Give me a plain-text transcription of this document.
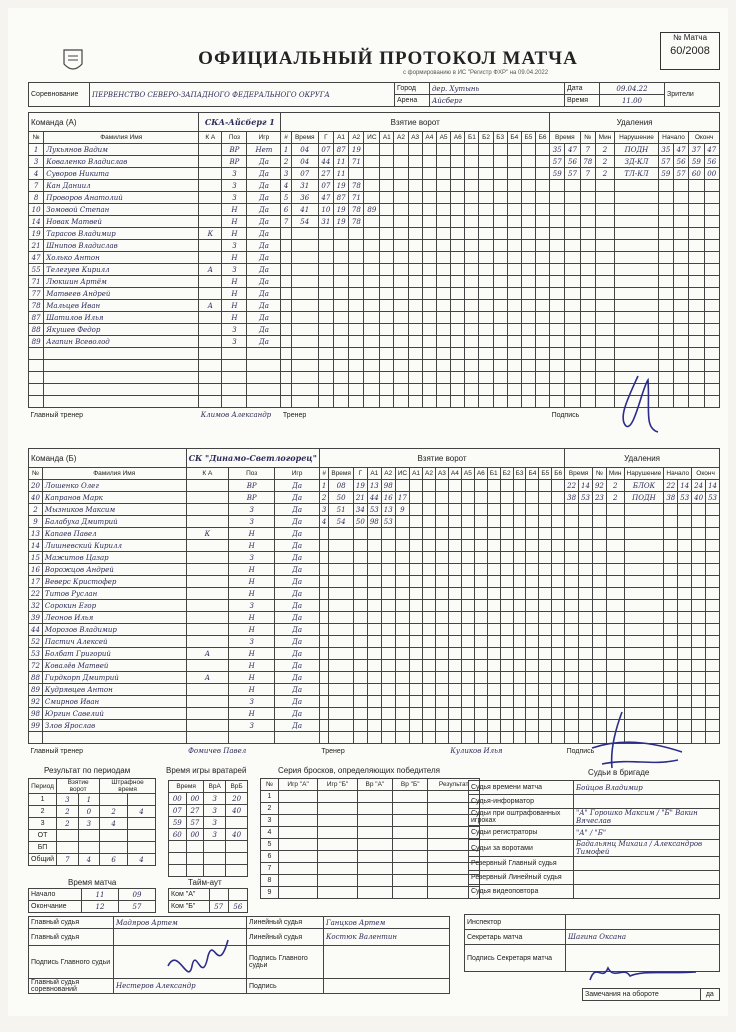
ОФИЦИАЛЬНЫЙ ПРОТОКОЛ МАТЧА
с формированию в ИС "Регистр ФХР" на 09.04.2022
№ Матча
60/2008
Соревнование	ПЕРВЕНСТВО СЕВЕРО-ЗАПАДНОГО ФЕДЕРАЛЬНОГО ОКРУГА	Город	дер. Хутынь	Дата	09.04.22	Зрители
		Арена	Айсберг	Время	11.00	
Команда (А)		СКА-Айсберг 1			Взятие ворот																		Удаления								
№	Фамилия Имя	К А	Поз	Игр	#	Время	Г	А1	А2	ИС	А1	А2	А3	А4	А5	А6	Б1	Б2	Б3	Б4	Б5	Б6	Время		№	Мин	Нарушение	Начало		Оконч	
1	Лукьянов Вадим		ВР	Нет	1	04	07	87	19														35	47	7	2	ПОДН	35	47	37	47
3	Коваленко Владислав		ВР	Да	2	04	44	11	71														57	56	78	2	ЗД-КЛ	57	56	59	56
4	Суворов Никита		З	Да	3	07	27	11															59	57	7	2	ТЛ-КЛ	59	57	60	00
7	Кан Даниил		З	Да	4	31	07	19	78																						
8	Проворов Анатолий		З	Да	5	36	47	87	71																						
10	Зомовой Степан		Н	Да	6	41	10	19	78	89																					
14	Новак Матвей		Н	Да	7	54	31	19	78																						
19	Тарасов Владимир	К	Н	Да																											
21	Шнипов Владислав		З	Да																											
47	Холько Антон		Н	Да																											
55	Телегуев Кирилл	А	З	Да																											
71	Люкшин Артём		Н	Да																											
77	Матвеев Андрей		Н	Да																											
78	Мальцев Иван	А	Н	Да																											
87	Шатилов Илья		Н	Да																											
88	Якушев Федор		З	Да																											
89	Агапин Всеволод		З	Да																											

Главный тренер		Климов Александр			Тренер																		Подпись								
Команда (Б)		СК "Динамо-Светлогорец"			Взятие ворот																		Удаления								
№	Фамилия Имя	К А	Поз	Игр	#	Время	Г	А1	А2	ИС	А1	А2	А3	А4	А5	А6	Б1	Б2	Б3	Б4	Б5	Б6	Время		№	Мин	Нарушение	Начало		Оконч	
20	Лошенко Олег		ВР	Да	1	08	19	13	98														22	14	92	2	БЛОК	22	14	24	14
40	Капранов Марк		ВР	Да	2	50	21	44	16	17													38	53	23	2	ПОДН	38	53	40	53
2	Мызников Максим		З	Да	3	51	34	53	13	9																					
9	Балабуха Дмитрий		З	Да	4	54	50	98	53																						
13	Капаев Павел	К	Н	Да																											
14	Лишневский Кирилл		Н	Да																											
15	Мажитов Цазар		З	Да																											
16	Ворожцов Андрей		Н	Да																											
17	Веверс Кристофер		Н	Да																											
22	Титов Руслан		Н	Да																											
32	Сорокин Егор		З	Да																											
39	Леонов Илья		Н	Да																											
44	Морозов Владимир		Н	Да																											
52	Пастич Алексей		З	Да																											
53	Болбат Григорий	А	Н	Да																											
72	Ковалёв Матвей		Н	Да																											
88	Гирдкорп Дмитрий	А	Н	Да																											
89	Кудрявцев Антон		Н	Да																											
92	Смирнов Иван		З	Да																											
98	Юргин Савелий		Н	Да																											
99	Злов Ярослав		З	Да																											

Главный тренер		Фомичев Павел			Тренер									Куликов Илья									Подпись								
Результат по периодам
Период	Взятие ворот		Штрафное время	
1	3	1		
2	2	0	2	4
3	2	3	4	
ОТ				
БП				
Общий	7	4	6	4
Время матча
Начало	11	09
Окончание	12	57
Время игры вратарей
Время		ВрА	ВрБ
00	00	3	20
07	27	3	40
59	57	3	
60	00	3	40

Тайм-аут
Ком "А"		
Ком "Б"	57	56
Серия бросков, определяющих победителя
№	Игр "А"	Игр "Б"	Вр "А"	Вр "Б"	Результат
1					
2					
3					
4					
5					
6					
7					
8					
9					
Судьи в бригаде
Судья времени матча	Бойцов Владимир
Судья-информатор	
Судьи при оштрафованных игроках	"А" Горошко Максим / "Б" Вакин Вячеслав
Судьи регистраторы	"А" / "Б"
Судьи за воротами	Бадальянц Михаил / Александров Тимофей
Резервный Главный судья	
Резервный Линейный судья	
Судья видеоповтора	
Главный судья	Мадяров Артем	Линейный судья	Ганцков Артем
Главный судья		Линейный судья	Костюк Валентин
Подпись Главного судьи		Подпись Главного судьи	
Главный судья соревнований	Нестеров Александр	Подпись	
Инспектор	
Секретарь матча	Шагина Оксана
Подпись Секретаря матча	
Замечания на обороте	да
